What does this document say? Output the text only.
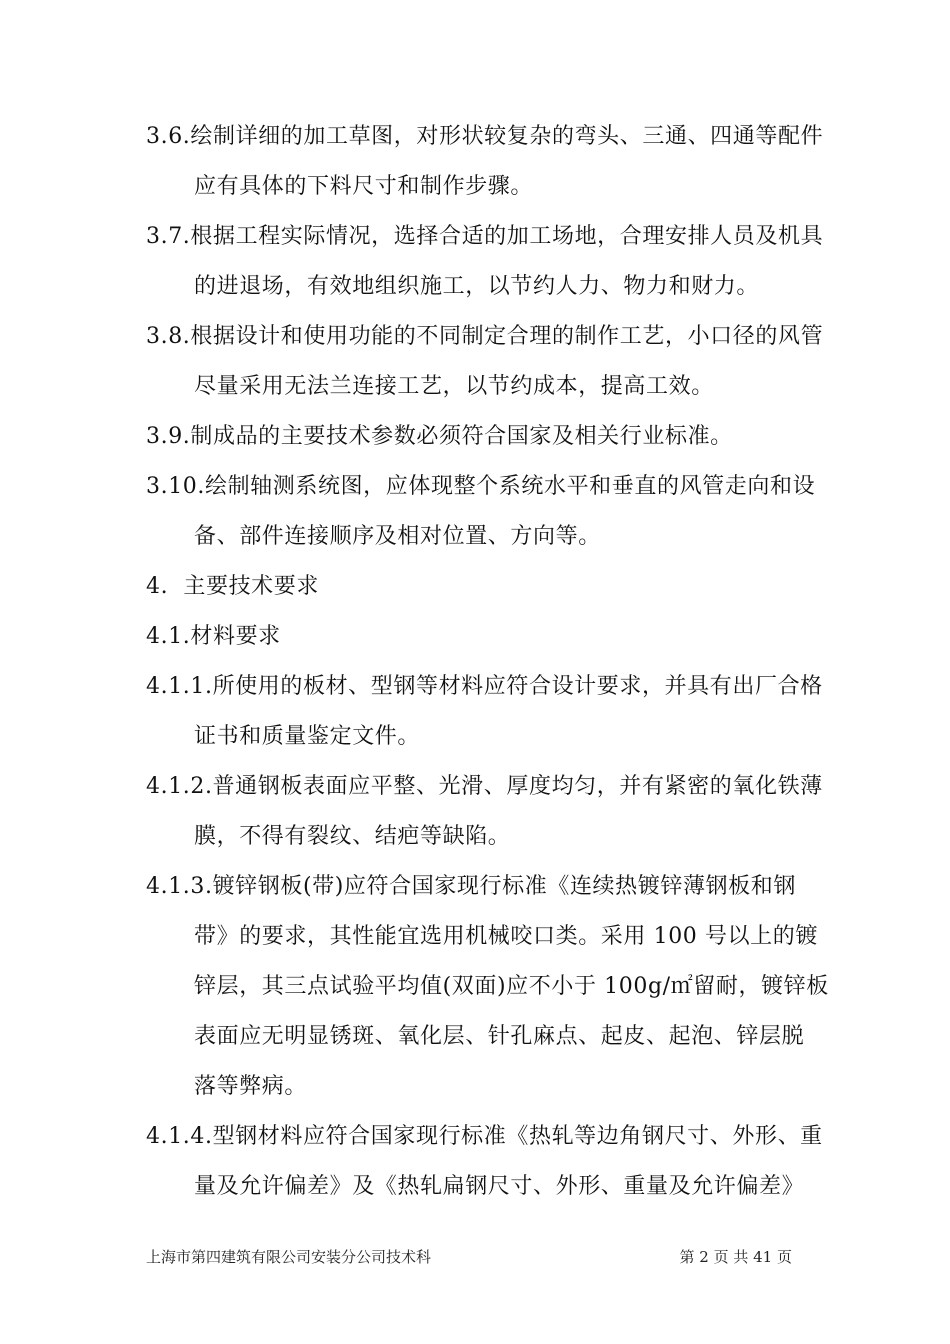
3.6.绘制详细的加工草图，对形状较复杂的弯头、三通、四通等配件
应有具体的下料尺寸和制作步骤。
3.7.根据工程实际情况，选择合适的加工场地，合理安排人员及机具
的进退场，有效地组织施工，以节约人力、物力和财力。
3.8.根据设计和使用功能的不同制定合理的制作工艺，小口径的风管
尽量采用无法兰连接工艺，以节约成本，提高工效。
3.9.制成品的主要技术参数必须符合国家及相关行业标准。
3.10.绘制轴测系统图，应体现整个系统水平和垂直的风管走向和设
备、部件连接顺序及相对位置、方向等。
4.  主要技术要求
4.1.材料要求
4.1.1.所使用的板材、型钢等材料应符合设计要求，并具有出厂合格
证书和质量鉴定文件。
4.1.2.普通钢板表面应平整、光滑、厚度均匀，并有紧密的氧化铁薄
膜，不得有裂纹、结疤等缺陷。
4.1.3.镀锌钢板(带)应符合国家现行标准《连续热镀锌薄钢板和钢
带》的要求，其性能宜选用机械咬口类。采用 100 号以上的镀
锌层，其三点试验平均值(双面)应不小于 100g/㎡留耐，镀锌板
表面应无明显锈斑、氧化层、针孔麻点、起皮、起泡、锌层脱
落等弊病。
4.1.4.型钢材料应符合国家现行标准《热轧等边角钢尺寸、外形、重
量及允许偏差》及《热轧扁钢尺寸、外形、重量及允许偏差》
上海市第四建筑有限公司安装分公司技术科	第 2 页 共 41 页
